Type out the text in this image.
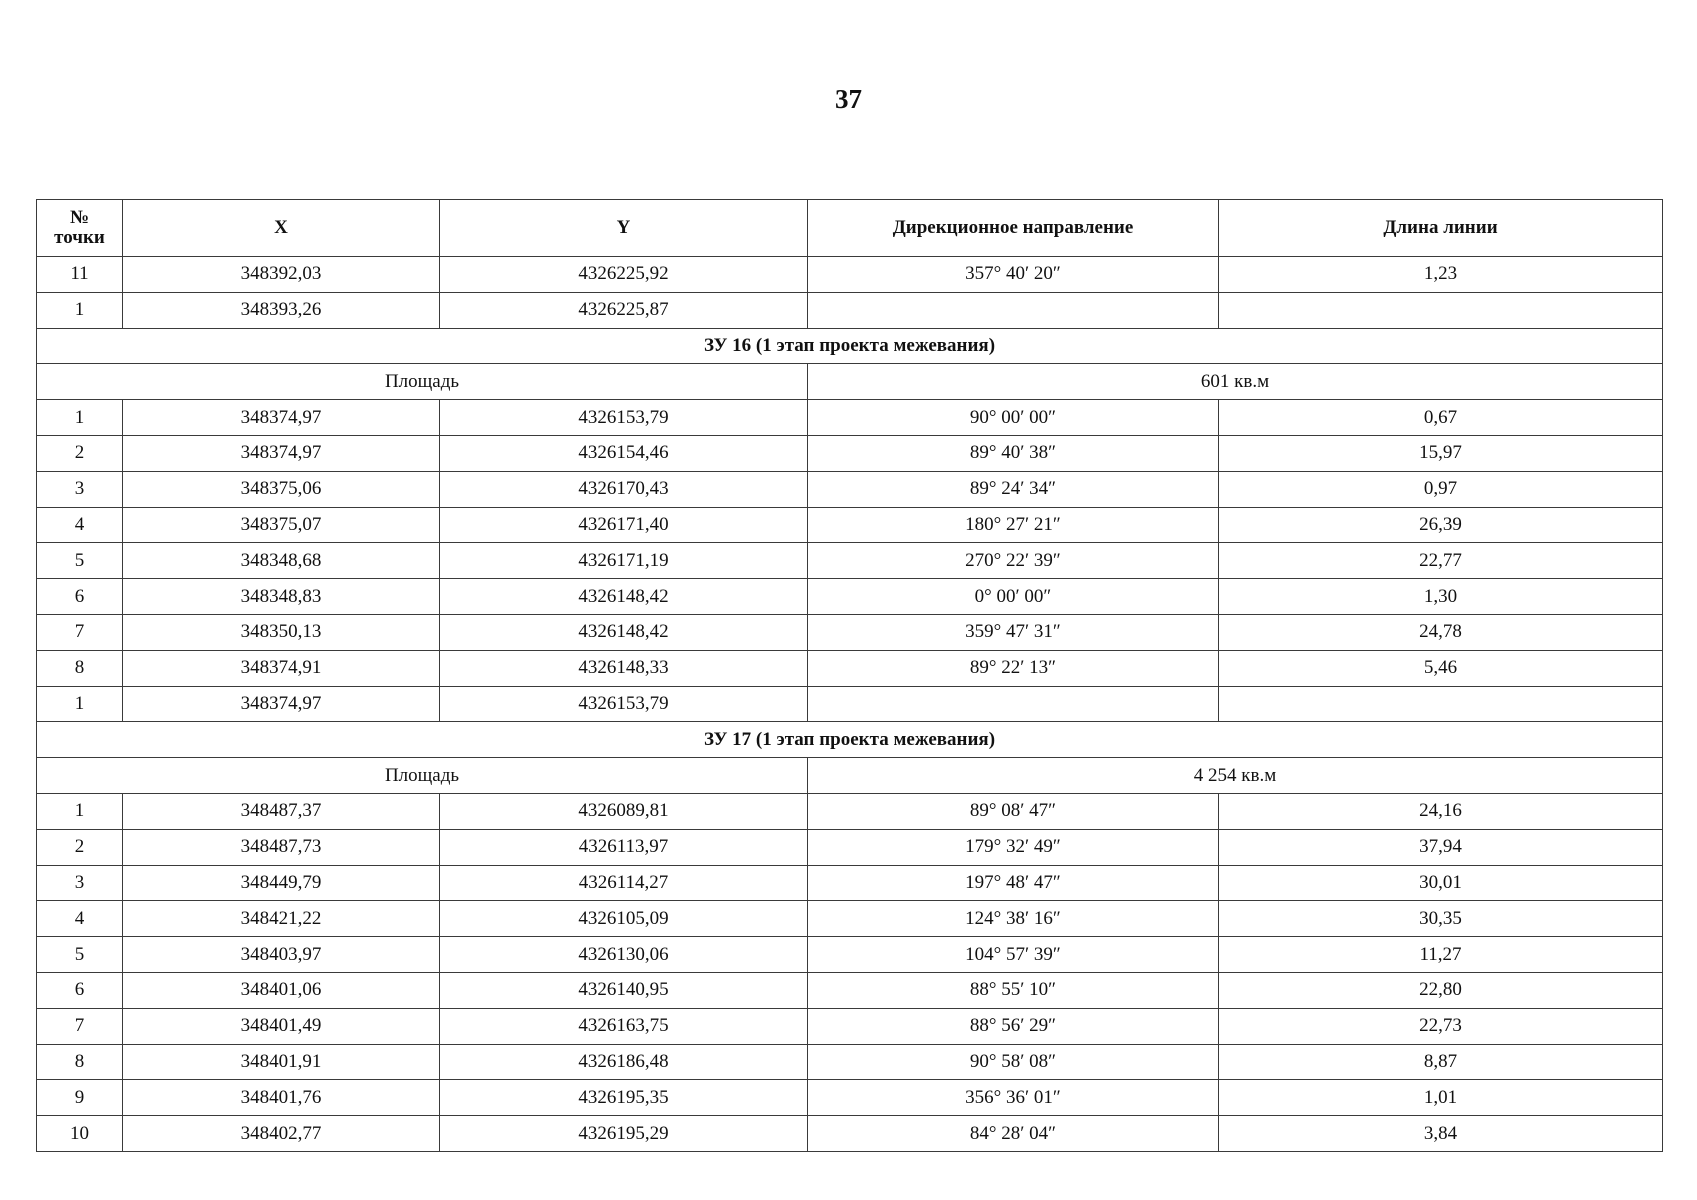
37
№
точки	X	Y	Дирекционное направление	Длина линии
11	348392,03	4326225,92	357° 40′ 20″	1,23
1	348393,26	4326225,87		
ЗУ 16 (1 этап проекта межевания)				
Площадь			601 кв.м	
1	348374,97	4326153,79	90° 00′ 00″	0,67
2	348374,97	4326154,46	89° 40′ 38″	15,97
3	348375,06	4326170,43	89° 24′ 34″	0,97
4	348375,07	4326171,40	180° 27′ 21″	26,39
5	348348,68	4326171,19	270° 22′ 39″	22,77
6	348348,83	4326148,42	0° 00′ 00″	1,30
7	348350,13	4326148,42	359° 47′ 31″	24,78
8	348374,91	4326148,33	89° 22′ 13″	5,46
1	348374,97	4326153,79		
ЗУ 17 (1 этап проекта межевания)				
Площадь			4 254 кв.м	
1	348487,37	4326089,81	89° 08′ 47″	24,16
2	348487,73	4326113,97	179° 32′ 49″	37,94
3	348449,79	4326114,27	197° 48′ 47″	30,01
4	348421,22	4326105,09	124° 38′ 16″	30,35
5	348403,97	4326130,06	104° 57′ 39″	11,27
6	348401,06	4326140,95	88° 55′ 10″	22,80
7	348401,49	4326163,75	88° 56′ 29″	22,73
8	348401,91	4326186,48	90° 58′ 08″	8,87
9	348401,76	4326195,35	356° 36′ 01″	1,01
10	348402,77	4326195,29	84° 28′ 04″	3,84
